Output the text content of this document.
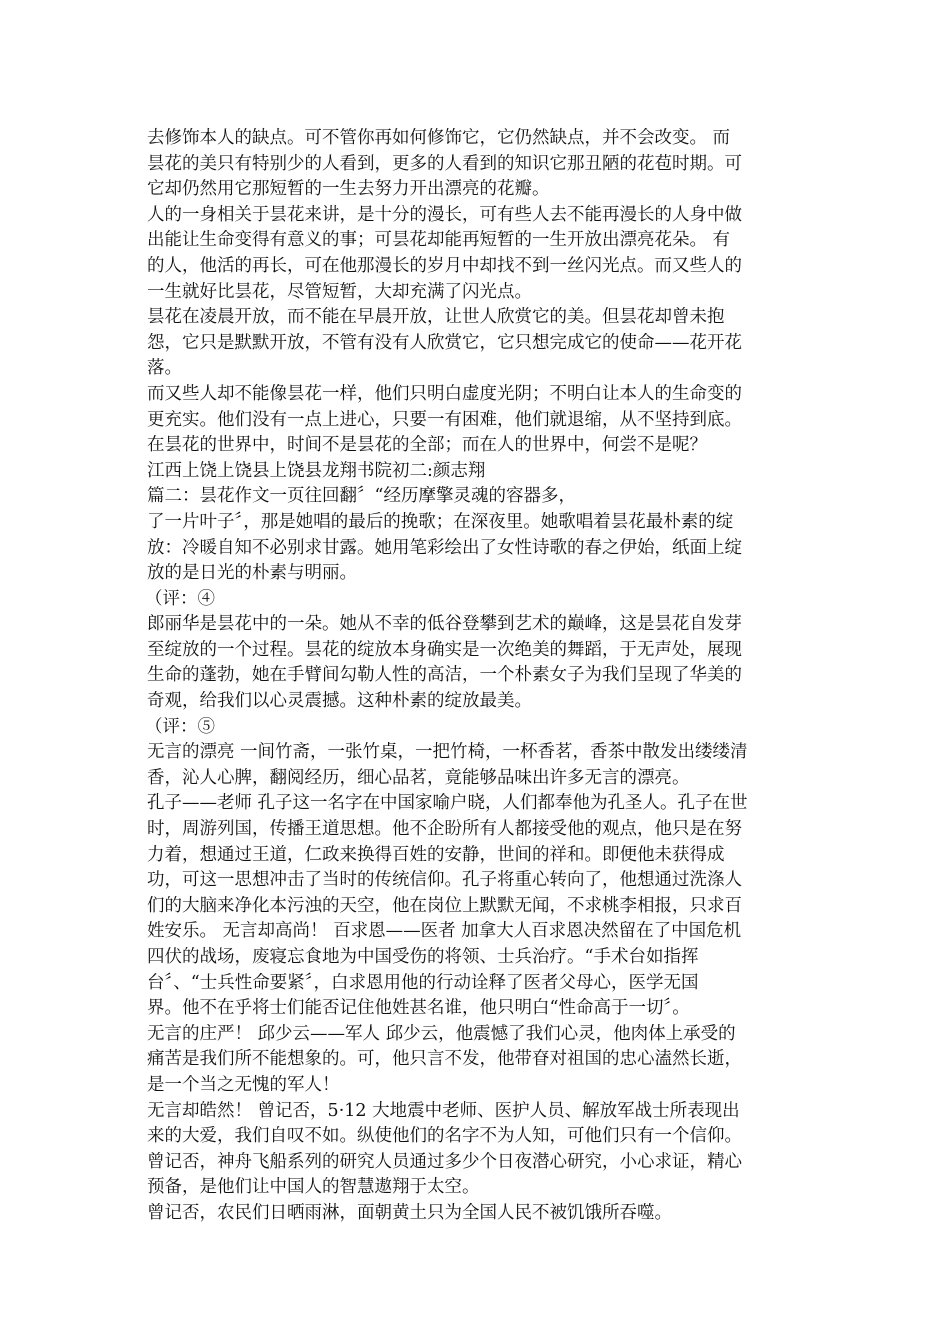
去修饰本人的缺点。可不管你再如何修饰它，它仍然缺点，并不会改变。 而
昙花的美只有特别少的人看到，更多的人看到的知识它那丑陋的花苞时期。可
它却仍然用它那短暂的一生去努力开出漂亮的花瓣。
人的一身相关于昙花来讲，是十分的漫长，可有些人去不能再漫长的人身中做
出能让生命变得有意义的事；可昙花却能再短暂的一生开放出漂亮花朵。 有
的人，他活的再长，可在他那漫长的岁月中却找不到一丝闪光点。而又些人的
一生就好比昙花，尽管短暂，大却充满了闪光点。
昙花在凌晨开放，而不能在早晨开放，让世人欣赏它的美。但昙花却曾未抱
怨，它只是默默开放，不管有没有人欣赏它，它只想完成它的使命——花开花
落。
而又些人却不能像昙花一样，他们只明白虚度光阴；不明白让本人的生命变的
更充实。他们没有一点上进心，只要一有困难，他们就退缩，从不坚持到底。
在昙花的世界中，时间不是昙花的全部；而在人的世界中，何尝不是呢？
江西上饶上饶县上饶县龙翔书院初二:颜志翔
篇二：昙花作文一页往回翻〞“经历摩擎灵魂的容器多，
了一片叶子〞，那是她唱的最后的挽歌；在深夜里。她歌唱着昙花最朴素的绽
放：冷暖自知不必别求甘露。她用笔彩绘出了女性诗歌的春之伊始，纸面上绽
放的是日光的朴素与明丽。
（评：④
郎丽华是昙花中的一朵。她从不幸的低谷登攀到艺术的巅峰，这是昙花自发芽
至绽放的一个过程。昙花的绽放本身确实是一次绝美的舞蹈，于无声处，展现
生命的蓬勃，她在手臂间勾勒人性的高洁，一个朴素女子为我们呈现了华美的
奇观，给我们以心灵震撼。这种朴素的绽放最美。
（评：⑤
无言的漂亮 一间竹斋，一张竹桌，一把竹椅，一杯香茗，香茶中散发出缕缕清
香，沁人心脾，翻阅经历，细心品茗，竟能够品味出许多无言的漂亮。
孔子——老师 孔子这一名字在中国家喻户晓，人们都奉他为孔圣人。孔子在世
时，周游列国，传播王道思想。他不企盼所有人都接受他的观点，他只是在努
力着，想通过王道，仁政来换得百姓的安静，世间的祥和。即便他未获得成
功，可这一思想冲击了当时的传统信仰。孔子将重心转向了，他想通过洗涤人
们的大脑来净化本污浊的天空，他在岗位上默默无闻，不求桃李相报，只求百
姓安乐。 无言却高尚！ 百求恩——医者 加拿大人百求恩决然留在了中国危机
四伏的战场，废寝忘食地为中国受伤的将领、士兵治疗。“手术台如指挥
台〞、“士兵性命要紧〞，白求恩用他的行动诠释了医者父母心，医学无国
界。他不在乎将士们能否记住他姓甚名谁，他只明白“性命高于一切〞。
无言的庄严！ 邱少云——军人 邱少云，他震憾了我们心灵，他肉体上承受的
痛苦是我们所不能想象的。可，他只言不发，他带眘对祖国的忠心溘然长逝，
是一个当之无愧的军人！
无言却皓然！ 曾记否，5·12 大地震中老师、医护人员、解放军战士所表现出
来的大爱，我们自叹不如。纵使他们的名字不为人知，可他们只有一个信仰。
曾记否，神舟飞船系列的研究人员通过多少个日夜潜心研究，小心求证，精心
预备，是他们让中国人的智慧遨翔于太空。
曾记否，农民们日晒雨淋，面朝黄土只为全国人民不被饥饿所吞噬。
